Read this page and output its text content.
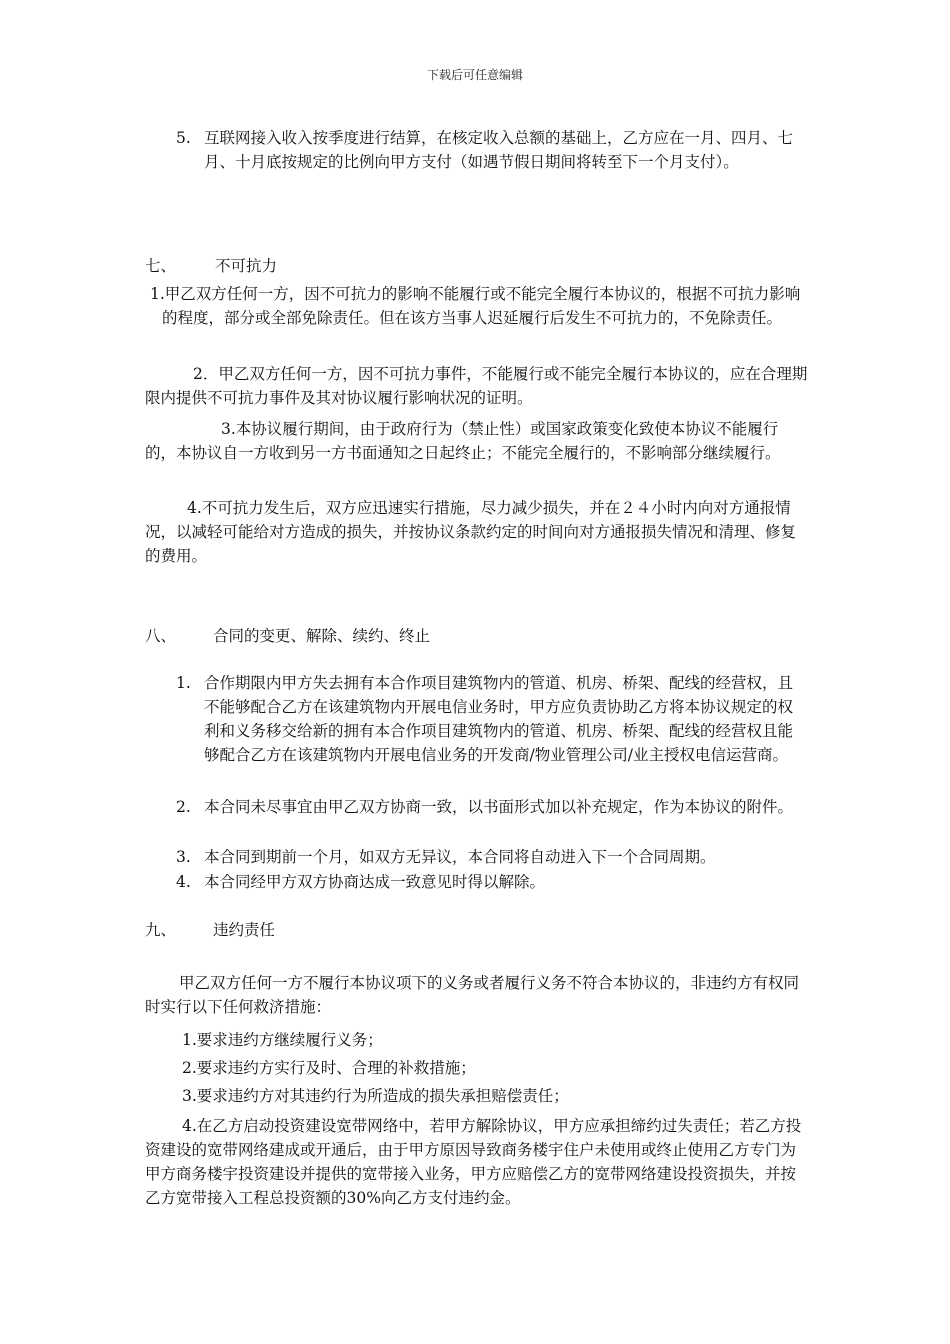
下载后可任意编辑
5. 互联网接入收入按季度进行结算，在核定收入总额的基础上，乙方应在一月、四月、七月、十月底按规定的比例向甲方支付（如遇节假日期间将转至下一个月支付）。
七、	不可抗力

1.甲乙双方任何一方，因不可抗力的影响不能履行或不能完全履行本协议的，根据不可抗力影响的程度，部分或全部免除责任。但在该方当事人迟延履行后发生不可抗力的，不免除责任。

2．甲乙双方任何一方，因不可抗力事件，不能履行或不能完全履行本协议的，应在合理期限内提供不可抗力事件及其对协议履行影响状况的证明。
3.本协议履行期间，由于政府行为（禁止性）或国家政策变化致使本协议不能履行的，本协议自一方收到另一方书面通知之日起终止；不能完全履行的，不影响部分继续履行。
4.不可抗力发生后，双方应迅速实行措施，尽力减少损失，并在２４小时内向对方通报情况，以减轻可能给对方造成的损失，并按协议条款约定的时间向对方通报损失情况和清理、修复的费用。
八、 合同的变更、解除、续约、终止
1. 合作期限内甲方失去拥有本合作项目建筑物内的管道、机房、桥架、配线的经营权，且不能够配合乙方在该建筑物内开展电信业务时，甲方应负责协助乙方将本协议规定的权利和义务移交给新的拥有本合作项目建筑物内的管道、机房、桥架、配线的经营权且能够配合乙方在该建筑物内开展电信业务的开发商/物业管理公司/业主授权电信运营商。
2. 本合同未尽事宜由甲乙双方协商一致，以书面形式加以补充规定，作为本协议的附件。
3. 本合同到期前一个月，如双方无异议，本合同将自动进入下一个合同周期。
4. 本合同经甲方双方协商达成一致意见时得以解除。
九、 违约责任
甲乙双方任何一方不履行本协议项下的义务或者履行义务不符合本协议的，非违约方有权同时实行以下任何救济措施：
1.要求违约方继续履行义务；
2.要求违约方实行及时、合理的补救措施；
3.要求违约方对其违约行为所造成的损失承担赔偿责任；
4.在乙方启动投资建设宽带网络中，若甲方解除协议，甲方应承担缔约过失责任；若乙方投资建设的宽带网络建成或开通后，由于甲方原因导致商务楼宇住户未使用或终止使用乙方专门为甲方商务楼宇投资建设并提供的宽带接入业务，甲方应赔偿乙方的宽带网络建设投资损失，并按乙方宽带接入工程总投资额的30%向乙方支付违约金。
